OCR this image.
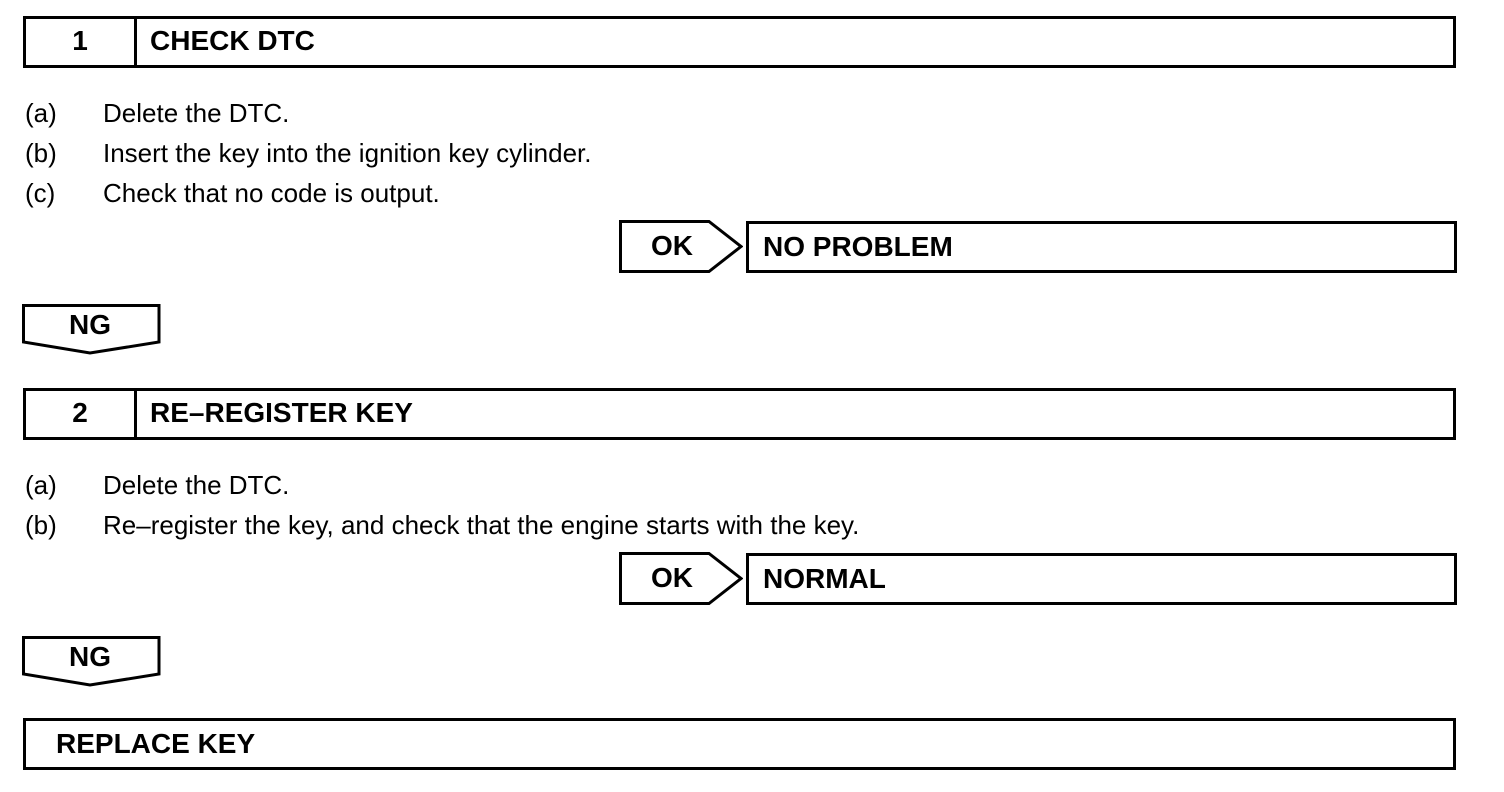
1	CHECK DTC
(a)	Delete the DTC.
(b)	Insert the key into the ignition key cylinder.
(c)	Check that no code is output.
OK	NO PROBLEM
NG
2	RE–REGISTER KEY
(a)	Delete the DTC.
(b)	Re–register the key, and check that the engine starts with the key.
OK	NORMAL
NG
REPLACE KEY
